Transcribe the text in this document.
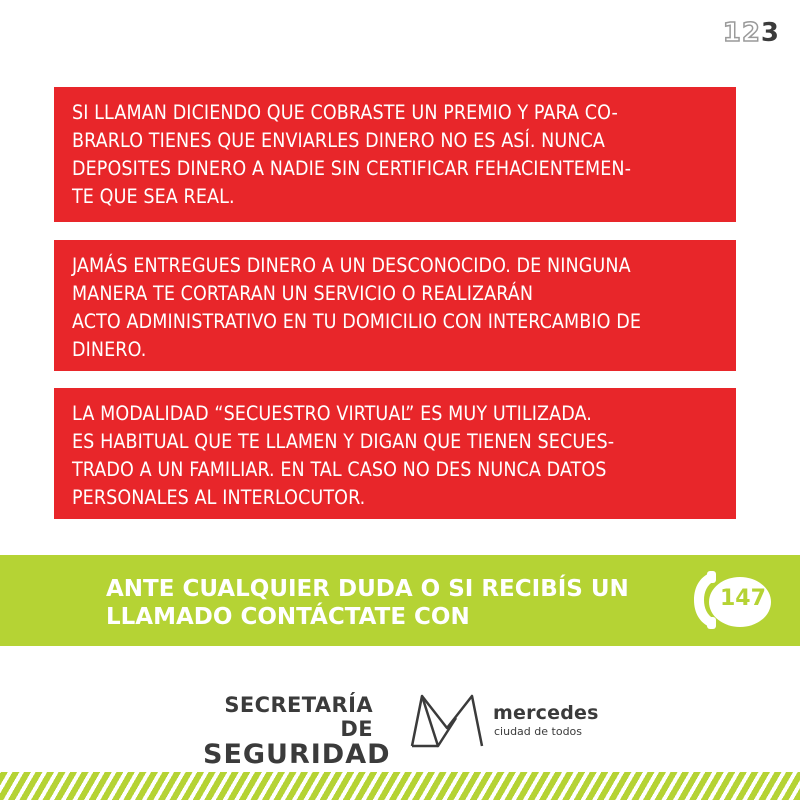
123
SI LLAMAN DICIENDO QUE COBRASTE UN PREMIO Y PARA CO-
BRARLO TIENES QUE ENVIARLES DINERO NO ES ASÍ. NUNCA
DEPOSITES DINERO A NADIE SIN CERTIFICAR FEHACIENTEMEN-
TE QUE SEA REAL.
JAMÁS ENTREGUES DINERO A UN DESCONOCIDO. DE NINGUNA
MANERA TE CORTARAN UN SERVICIO O REALIZARÁN
ACTO ADMINISTRATIVO EN TU DOMICILIO CON INTERCAMBIO DE
DINERO.
LA MODALIDAD “SECUESTRO VIRTUAL” ES MUY UTILIZADA.
ES HABITUAL QUE TE LLAMEN Y DIGAN QUE TIENEN SECUES-
TRADO A UN FAMILIAR. EN TAL CASO NO DES NUNCA DATOS
PERSONALES AL INTERLOCUTOR.
ANTE CUALQUIER DUDA O SI RECIBÍS UN
LLAMADO CONTÁCTATE CON
147
SECRETARÍA DE
SEGURIDAD
mercedes
ciudad de todos
